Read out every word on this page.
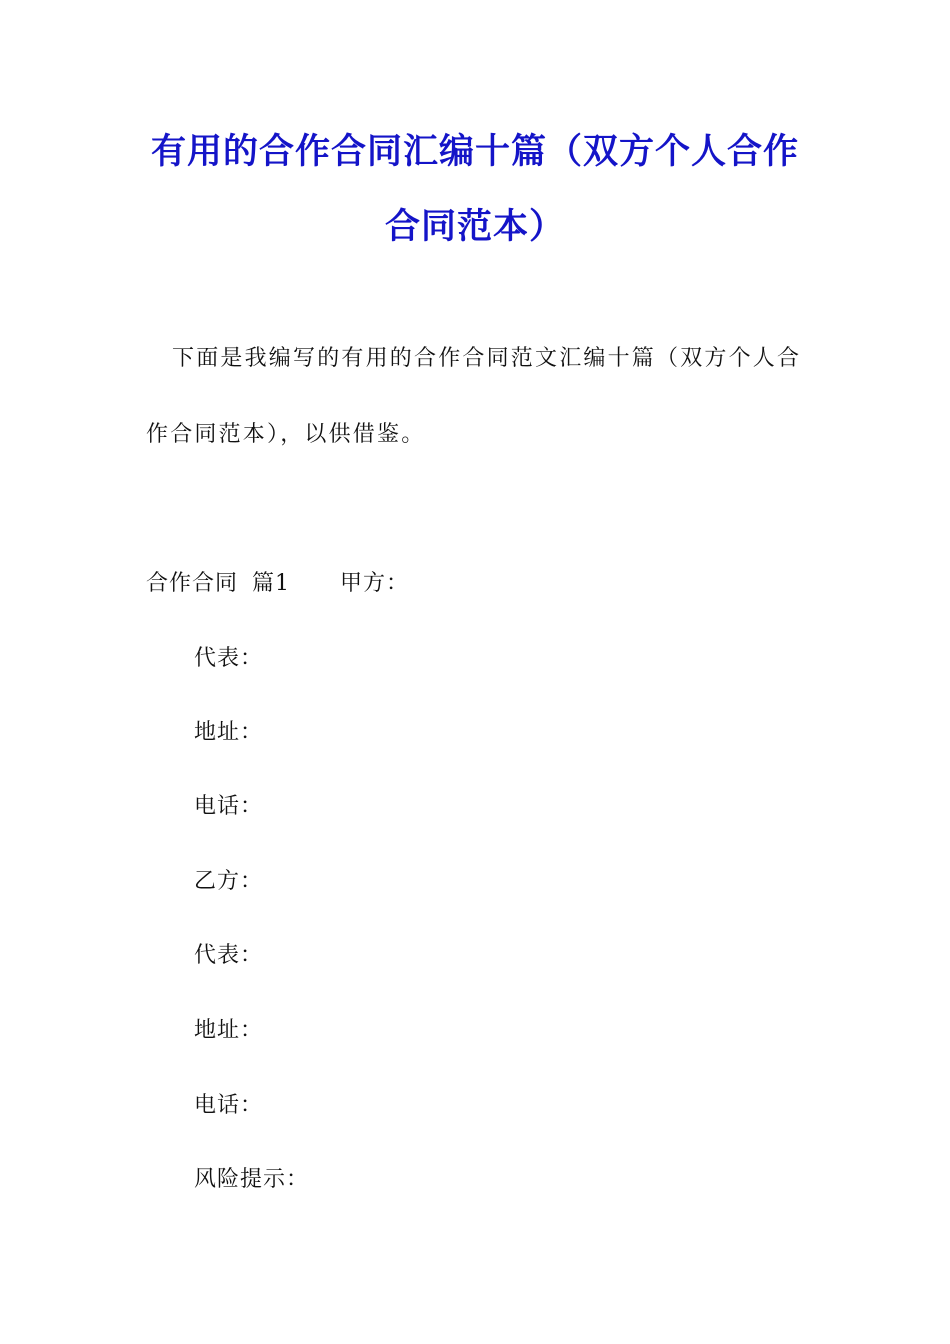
有用的合作合同汇编十篇（双方个人合作
合同范本）
下面是我编写的有用的合作合同范文汇编十篇（双方个人合
作合同范本），以供借鉴。
合作合同 篇1 甲方：
代表：
地址：
电话：
乙方：
代表：
地址：
电话：
风险提示：
